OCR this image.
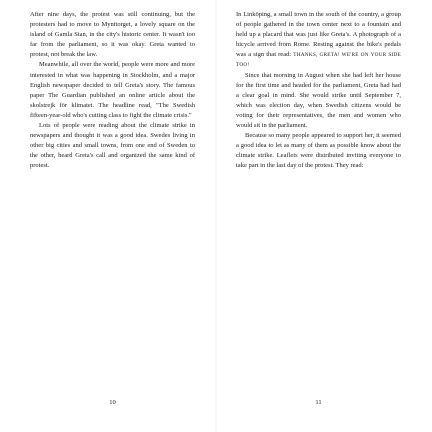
After nine days, the protest was still continuing, but the protesters had to move to Mynttorget, a lovely square on the island of Gamla Stan, in the city's historic center. It wasn't too far from the parliament, so it was okay. Greta wanted to protest, not break the law.

Meanwhile, all over the world, people were more and more interested in what was happening in Stockholm, and a major English newspaper decided to tell Greta's story. The famous paper The Guardian published an online article about the skolstrejk för klimatet. The headline read, "The Swedish fifteen-year-old who's cutting class to fight the climate crisis."

Lots of people were reading about the climate strike in newspapers and thought it was a good idea. Swedes living in other big cities and small towns, from one end of Sweden to the other, heard Greta's call and organized the same kind of protest.

10

In Linköping, a small town in the south of the country, a group of people gathered in the town center next to a fountain and held up a placard that was just like Greta's. A photograph of a bicycle arrived from Rome. Resting against the bike's pedals was a sign that read: THANKS, GRETA! WE'RE ON YOUR SIDE TOO!

Since that morning in August when she had left her house for the first time and headed for the parliament, Greta had had a clear goal in mind. She would strike until September 7, which was election day, when Swedish citizens would be voting for their representatives, the men and women who would sit in the parliament.

Because so many people appeared to support her, it seemed a good idea to let as many of them as possible know about the climate strike. Leaflets were distributed inviting everyone to take part in the last day of the protest. They read:

11
